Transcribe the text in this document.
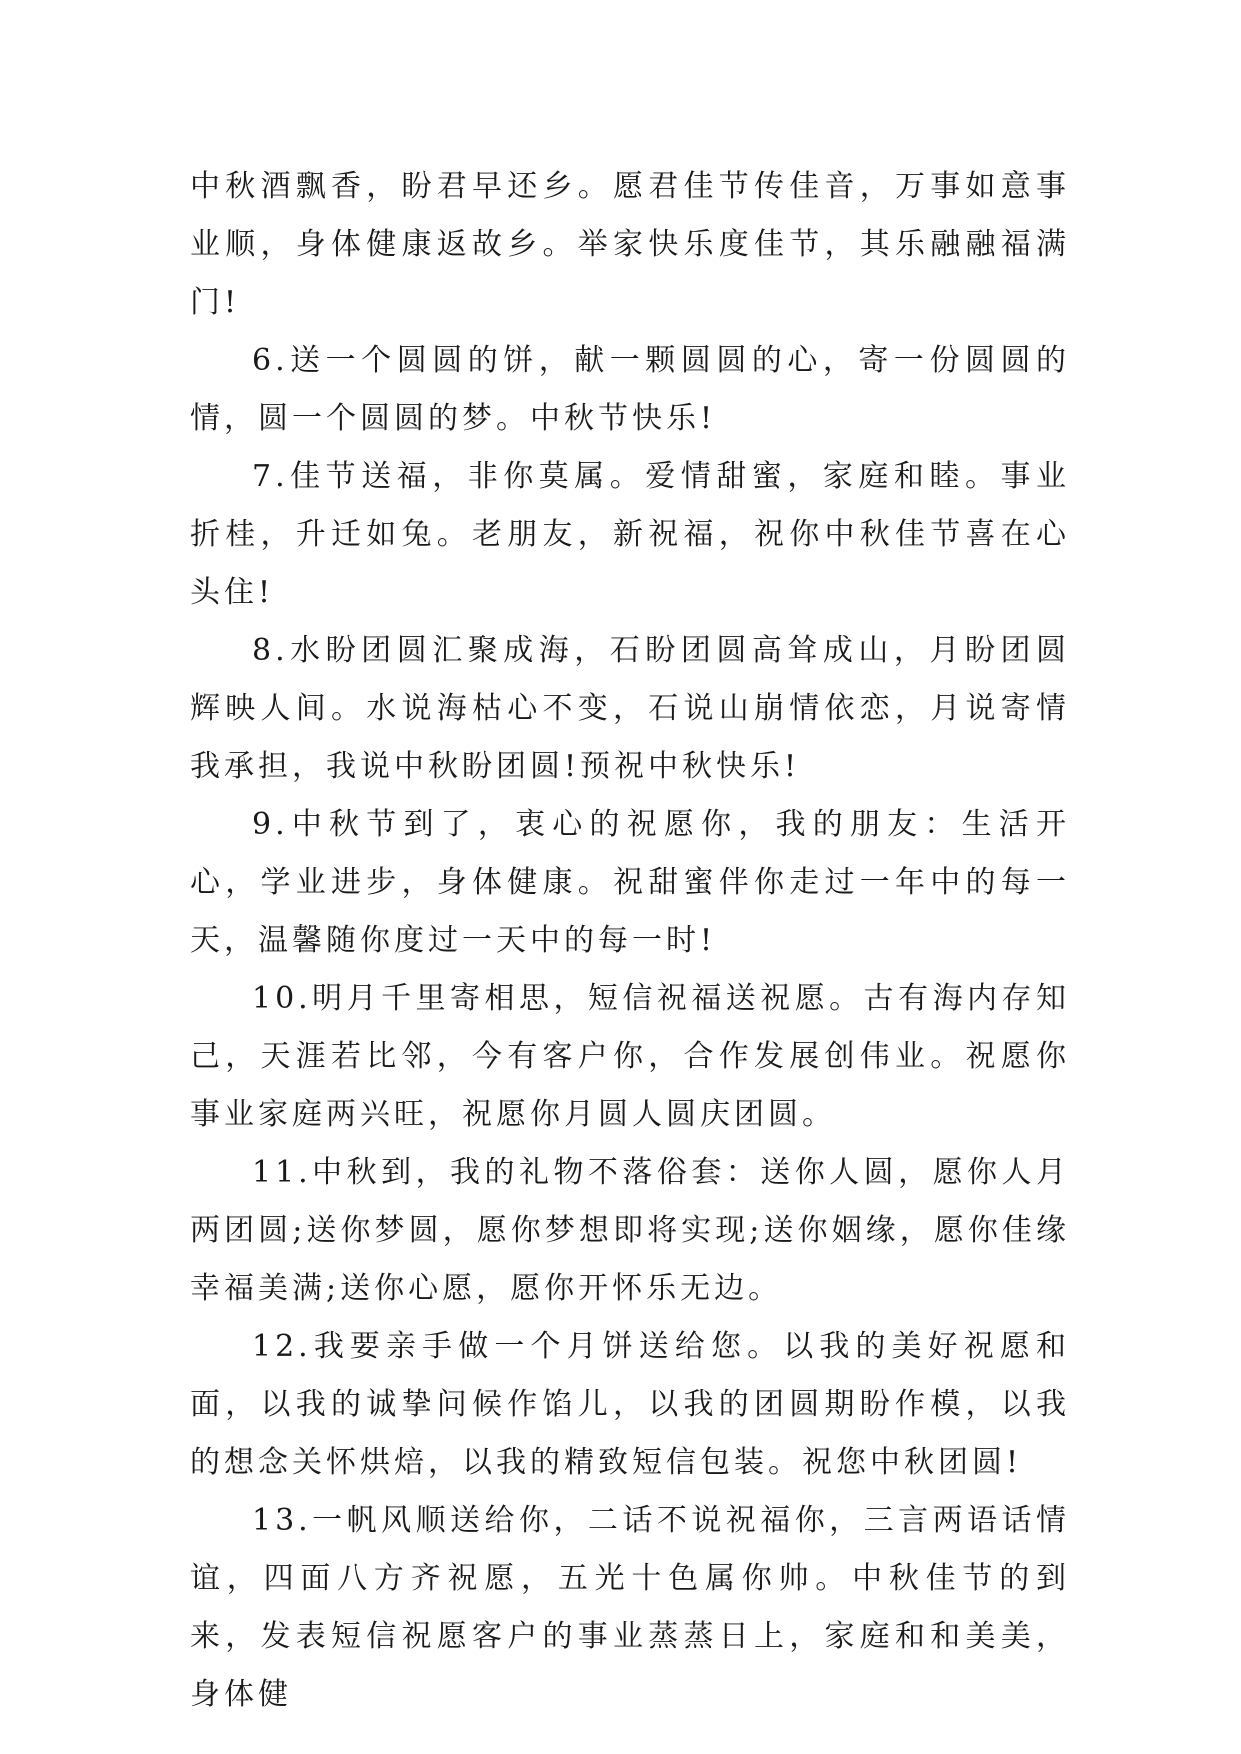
中秋酒飘香，盼君早还乡。愿君佳节传佳音，万事如意事业顺，身体健康返故乡。举家快乐度佳节，其乐融融福满门!

6.送一个圆圆的饼，献一颗圆圆的心，寄一份圆圆的情，圆一个圆圆的梦。中秋节快乐!

7.佳节送福，非你莫属。爱情甜蜜，家庭和睦。事业折桂，升迁如兔。老朋友，新祝福，祝你中秋佳节喜在心头住!

8.水盼团圆汇聚成海，石盼团圆高耸成山，月盼团圆辉映人间。水说海枯心不变，石说山崩情依恋，月说寄情我承担，我说中秋盼团圆!预祝中秋快乐!

9.中秋节到了，衷心的祝愿你，我的朋友：生活开心，学业进步，身体健康。祝甜蜜伴你走过一年中的每一天，温馨随你度过一天中的每一时!

10.明月千里寄相思，短信祝福送祝愿。古有海内存知己，天涯若比邻，今有客户你，合作发展创伟业。祝愿你事业家庭两兴旺，祝愿你月圆人圆庆团圆。

11.中秋到，我的礼物不落俗套：送你人圆，愿你人月两团圆;送你梦圆，愿你梦想即将实现;送你姻缘，愿你佳缘幸福美满;送你心愿，愿你开怀乐无边。

12.我要亲手做一个月饼送给您。以我的美好祝愿和面，以我的诚挚问候作馅儿，以我的团圆期盼作模，以我的想念关怀烘焙，以我的精致短信包装。祝您中秋团圆!

13.一帆风顺送给你，二话不说祝福你，三言两语话情谊，四面八方齐祝愿，五光十色属你帅。中秋佳节的到来，发表短信祝愿客户的事业蒸蒸日上，家庭和和美美，身体健
